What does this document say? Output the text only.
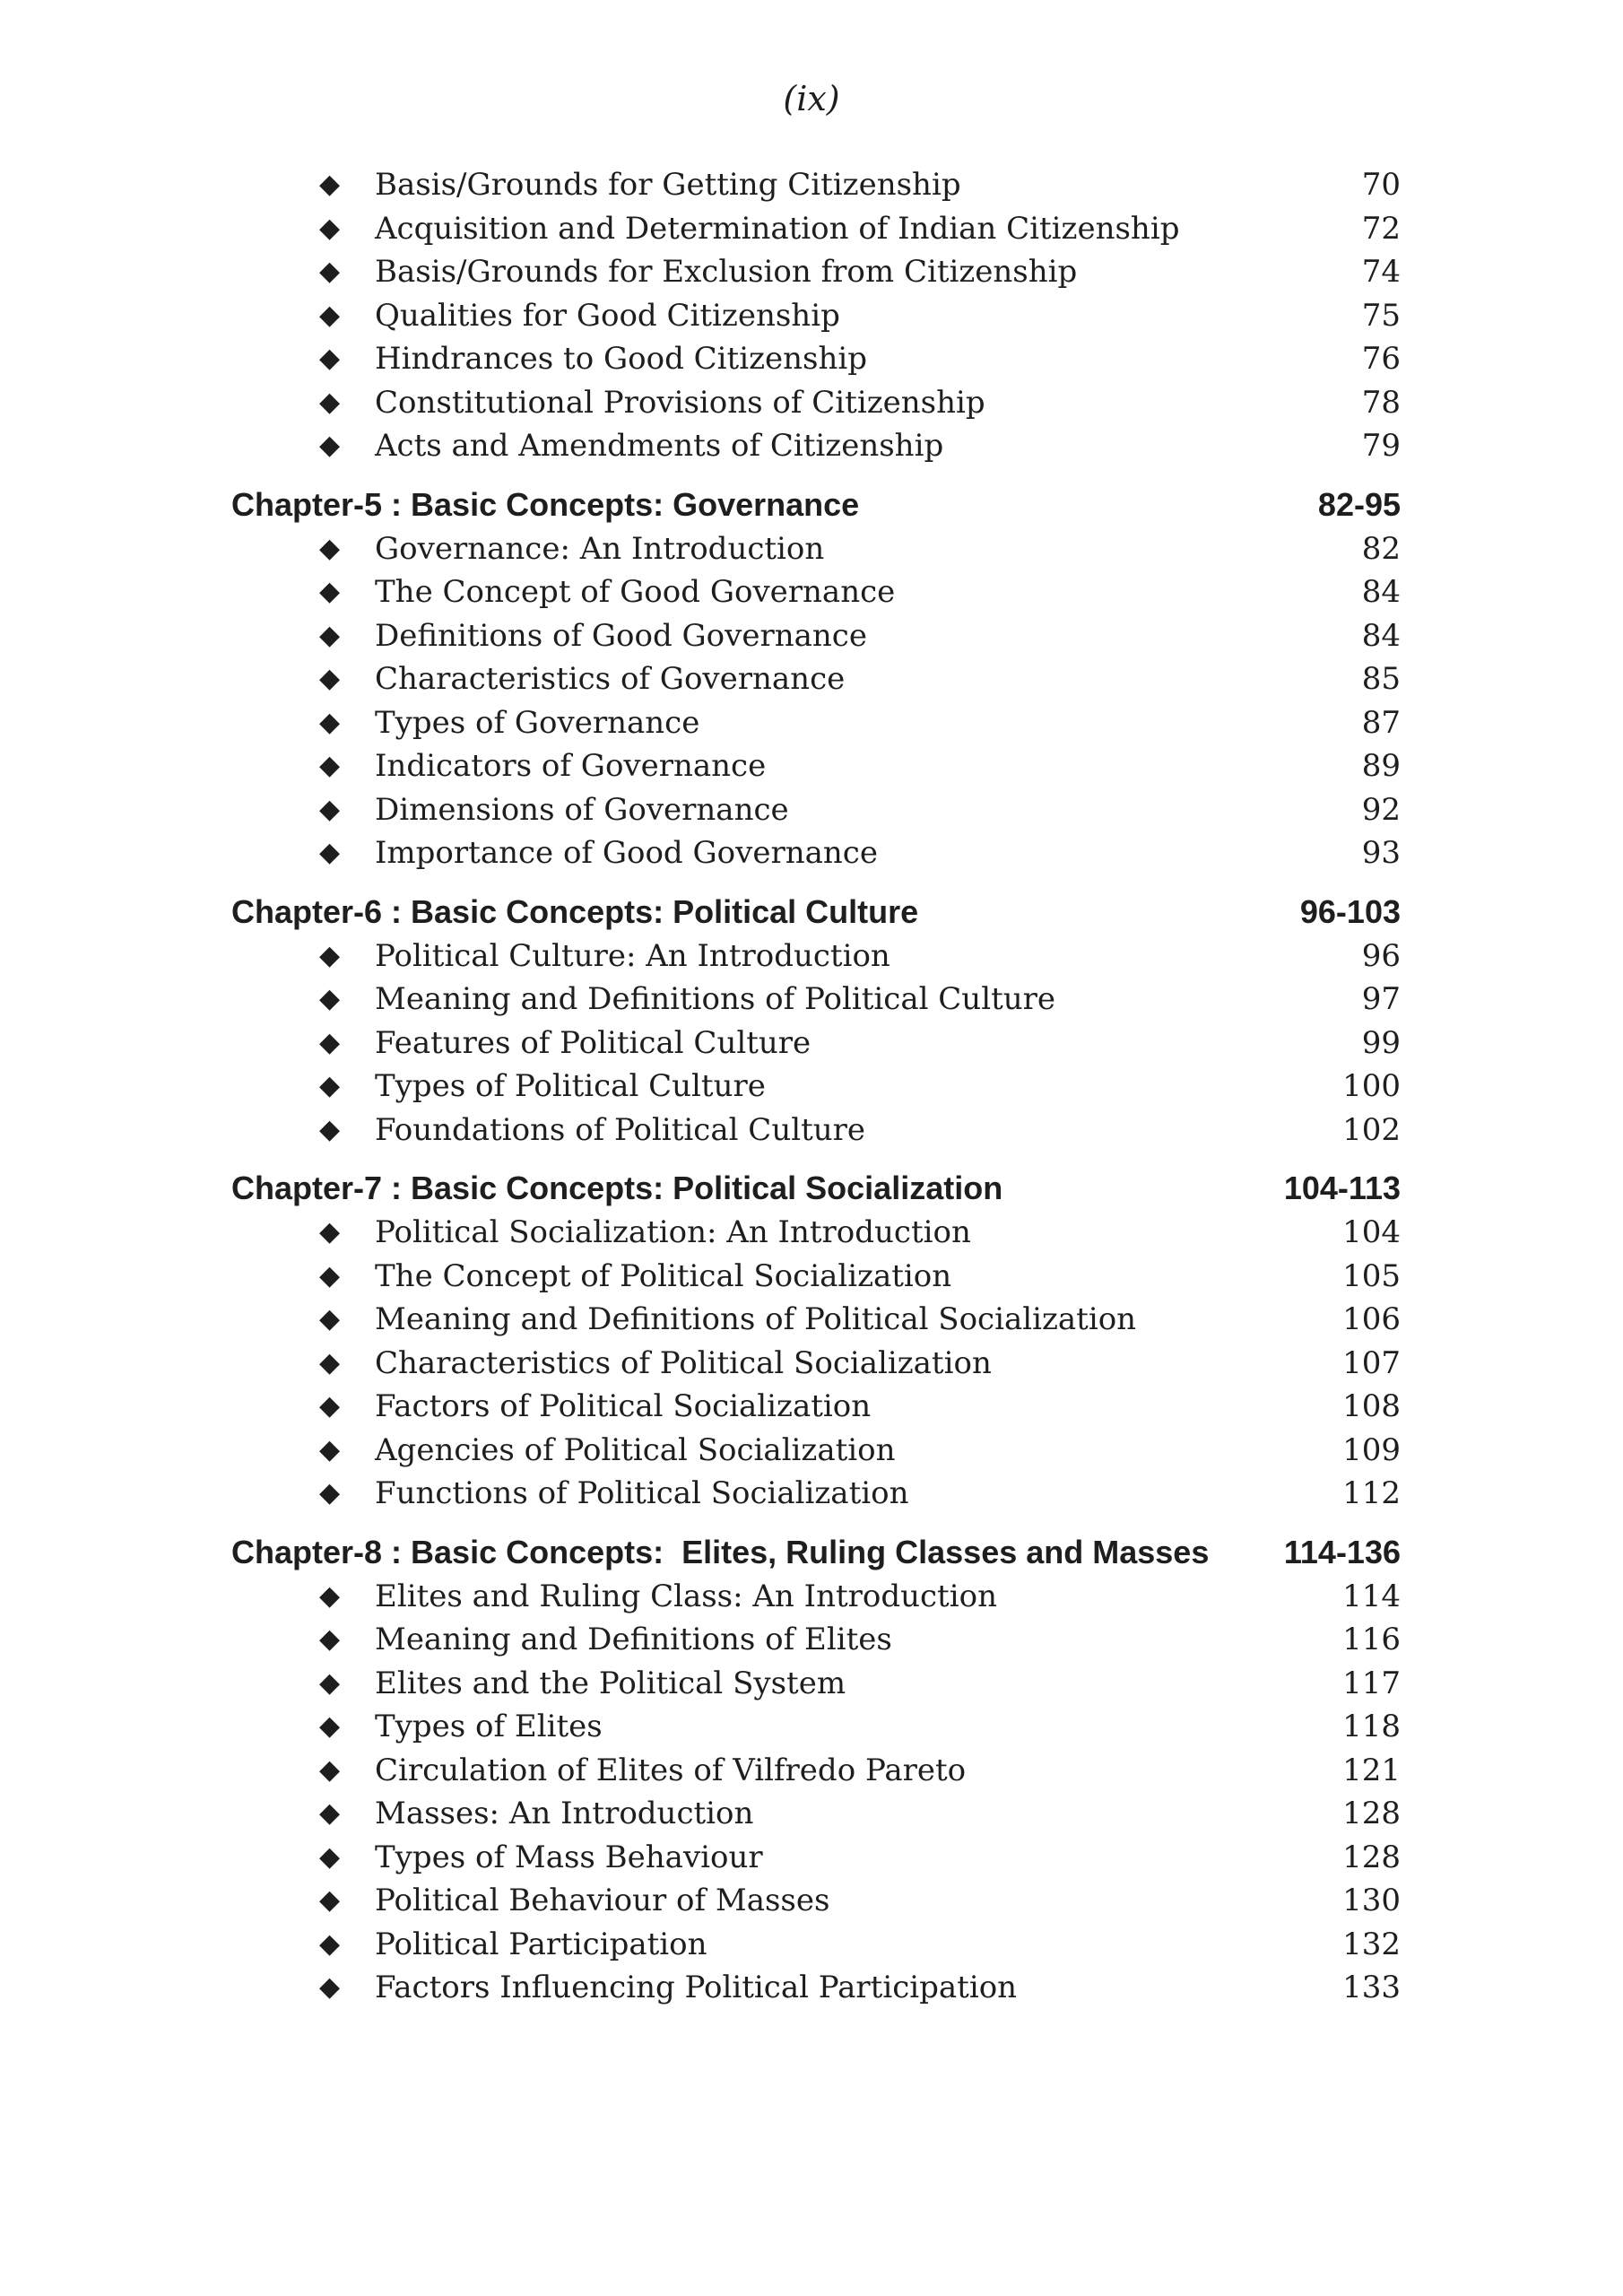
(ix)
◆ Basis/Grounds for Getting Citizenship	70
◆ Acquisition and Determination of Indian Citizenship	72
◆ Basis/Grounds for Exclusion from Citizenship	74
◆ Qualities for Good Citizenship	75
◆ Hindrances to Good Citizenship	76
◆ Constitutional Provisions of Citizenship	78
◆ Acts and Amendments of Citizenship	79
Chapter-5 : Basic Concepts: Governance	82-95
◆ Governance: An Introduction	82
◆ The Concept of Good Governance	84
◆ Definitions of Good Governance	84
◆ Characteristics of Governance	85
◆ Types of Governance	87
◆ Indicators of Governance	89
◆ Dimensions of Governance	92
◆ Importance of Good Governance	93
Chapter-6 : Basic Concepts: Political Culture	96-103
◆ Political Culture: An Introduction	96
◆ Meaning and Definitions of Political Culture	97
◆ Features of Political Culture	99
◆ Types of Political Culture	100
◆ Foundations of Political Culture	102
Chapter-7 : Basic Concepts: Political Socialization	104-113
◆ Political Socialization: An Introduction	104
◆ The Concept of Political Socialization	105
◆ Meaning and Definitions of Political Socialization	106
◆ Characteristics of Political Socialization	107
◆ Factors of Political Socialization	108
◆ Agencies of Political Socialization	109
◆ Functions of Political Socialization	112
Chapter-8 : Basic Concepts:  Elites, Ruling Classes and Masses 114-136
◆ Elites and Ruling Class: An Introduction	114
◆ Meaning and Definitions of Elites	116
◆ Elites and the Political System	117
◆ Types of Elites	118
◆ Circulation of Elites of Vilfredo Pareto	121
◆ Masses: An Introduction	128
◆ Types of Mass Behaviour	128
◆ Political Behaviour of Masses	130
◆ Political Participation	132
◆ Factors Influencing Political Participation	133
